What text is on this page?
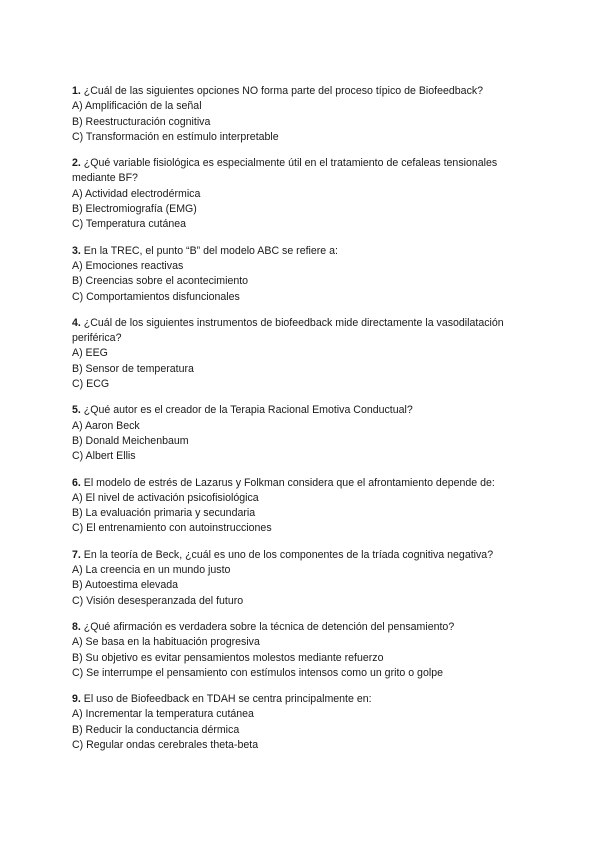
1. ¿Cuál de las siguientes opciones NO forma parte del proceso típico de Biofeedback?
A) Amplificación de la señal
B) Reestructuración cognitiva
C) Transformación en estímulo interpretable
2. ¿Qué variable fisiológica es especialmente útil en el tratamiento de cefaleas tensionales mediante BF?
A) Actividad electrodérmica
B) Electromiografía (EMG)
C) Temperatura cutánea
3. En la TREC, el punto “B” del modelo ABC se refiere a:
A) Emociones reactivas
B) Creencias sobre el acontecimiento
C) Comportamientos disfuncionales
4. ¿Cuál de los siguientes instrumentos de biofeedback mide directamente la vasodilatación periférica?
A) EEG
B) Sensor de temperatura
C) ECG
5. ¿Qué autor es el creador de la Terapia Racional Emotiva Conductual?
A) Aaron Beck
B) Donald Meichenbaum
C) Albert Ellis
6. El modelo de estrés de Lazarus y Folkman considera que el afrontamiento depende de:
A) El nivel de activación psicofisiológica
B) La evaluación primaria y secundaria
C) El entrenamiento con autoinstrucciones
7. En la teoría de Beck, ¿cuál es uno de los componentes de la tríada cognitiva negativa?
A) La creencia en un mundo justo
B) Autoestima elevada
C) Visión desesperanzada del futuro
8. ¿Qué afirmación es verdadera sobre la técnica de detención del pensamiento?
A) Se basa en la habituación progresiva
B) Su objetivo es evitar pensamientos molestos mediante refuerzo
C) Se interrumpe el pensamiento con estímulos intensos como un grito o golpe
9. El uso de Biofeedback en TDAH se centra principalmente en:
A) Incrementar la temperatura cutánea
B) Reducir la conductancia dérmica
C) Regular ondas cerebrales theta-beta
